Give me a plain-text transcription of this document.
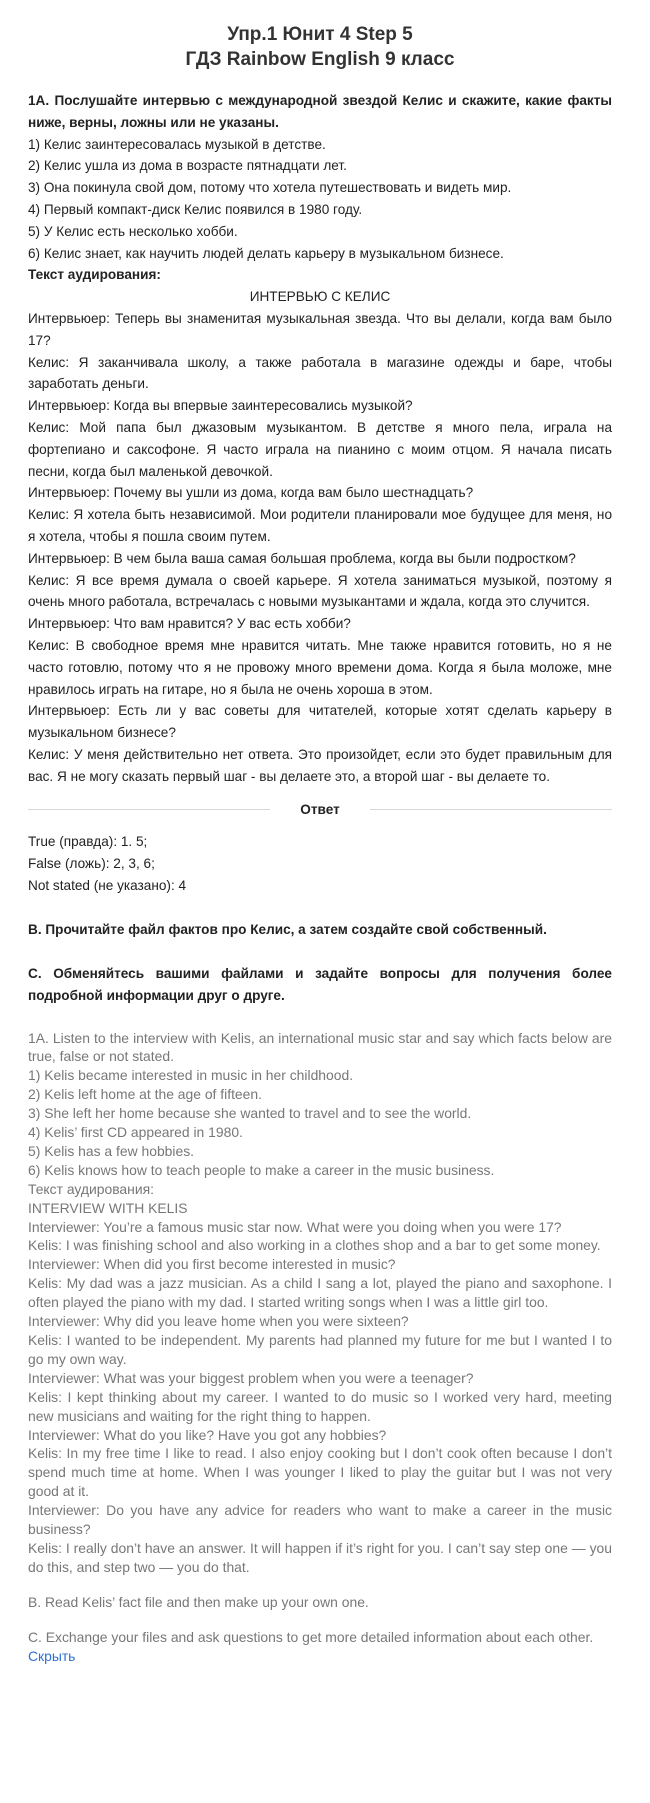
Упр.1 Юнит 4 Step 5
ГДЗ Rainbow English 9 класс

1A. Послушайте интервью с международной звездой Келис и скажите, какие факты ниже, верны, ложны или не указаны.

1) Келис заинтересовалась музыкой в детстве.

2) Келис ушла из дома в возрасте пятнадцати лет.

3) Она покинула свой дом, потому что хотела путешествовать и видеть мир.

4) Первый компакт-диск Келис появился в 1980 году.

5) У Келис есть несколько хобби.

6) Келис знает, как научить людей делать карьеру в музыкальном бизнесе.

Текст аудирования:

ИНТЕРВЬЮ С КЕЛИС

Интервьюер: Теперь вы знаменитая музыкальная звезда. Что вы делали, когда вам было 17?

Келис: Я заканчивала школу, а также работала в магазине одежды и баре, чтобы заработать деньги.

Интервьюер: Когда вы впервые заинтересовались музыкой?

Келис: Мой папа был джазовым музыкантом. В детстве я много пела, играла на фортепиано и саксофоне. Я часто играла на пианино с моим отцом. Я начала писать песни, когда был маленькой девочкой.

Интервьюер: Почему вы ушли из дома, когда вам было шестнадцать?

Келис: Я хотела быть независимой. Мои родители планировали мое будущее для меня, но я хотела, чтобы я пошла своим путем.

Интервьюер: В чем была ваша самая большая проблема, когда вы были подростком?

Келис: Я все время думала о своей карьере. Я хотела заниматься музыкой, поэтому я очень много работала, встречалась с новыми музыкантами и ждала, когда это случится.

Интервьюер: Что вам нравится? У вас есть хобби?

Келис: В свободное время мне нравится читать. Мне также нравится готовить, но я не часто готовлю, потому что я не провожу много времени дома. Когда я была моложе, мне нравилось играть на гитаре, но я была не очень хороша в этом.

Интервьюер: Есть ли у вас советы для читателей, которые хотят сделать карьеру в музыкальном бизнесе?

Келис: У меня действительно нет ответа. Это произойдет, если это будет правильным для вас. Я не могу сказать первый шаг - вы делаете это, а второй шаг - вы делаете то.

Ответ

True (правда): 1. 5;

False (ложь): 2, 3, 6;

Not stated (не указано): 4

B. Прочитайте файл фактов про Келис, а затем создайте свой собственный.

C. Обменяйтесь вашими файлами и задайте вопросы для получения более подробной информации друг о друге.

1A. Listen to the interview with Kelis, an international music star and say which facts below are true, false or not stated.

1) Kelis became interested in music in her childhood.

2) Kelis left home at the age of fifteen.

3) She left her home because she wanted to travel and to see the world.

4) Kelis’ first CD appeared in 1980.

5) Kelis has a few hobbies.

6) Kelis knows how to teach people to make a career in the music business.

Текст аудирования:

INTERVIEW WITH KELIS

Interviewer: You’re a famous music star now. What were you doing when you were 17?

Kelis: I was finishing school and also working in a clothes shop and a bar to get some money.

Interviewer: When did you first become interested in music?

Kelis: My dad was a jazz musician. As a child I sang a lot, played the piano and saxophone. I often played the piano with my dad. I started writing songs when I was a little girl too.

Interviewer: Why did you leave home when you were sixteen?

Kelis: I wanted to be independent. My parents had planned my future for me but I wanted I to go my own way.

Interviewer: What was your biggest problem when you were a teenager?

Kelis: I kept thinking about my career. I wanted to do music so I worked very hard, meeting new musicians and waiting for the right thing to happen.

Interviewer: What do you like? Have you got any hobbies?

Kelis: In my free time I like to read. I also enjoy cooking but I don’t cook often because I don’t spend much time at home. When I was younger I liked to play the guitar but I was not very good at it.

Interviewer: Do you have any advice for readers who want to make a career in the music business?

Kelis: I really don’t have an answer. It will happen if it’s right for you. I can’t say step one — you do this, and step two — you do that.

B. Read Kelis’ fact file and then make up your own one.

C. Exchange your files and ask questions to get more detailed information about each other.

Скрыть
